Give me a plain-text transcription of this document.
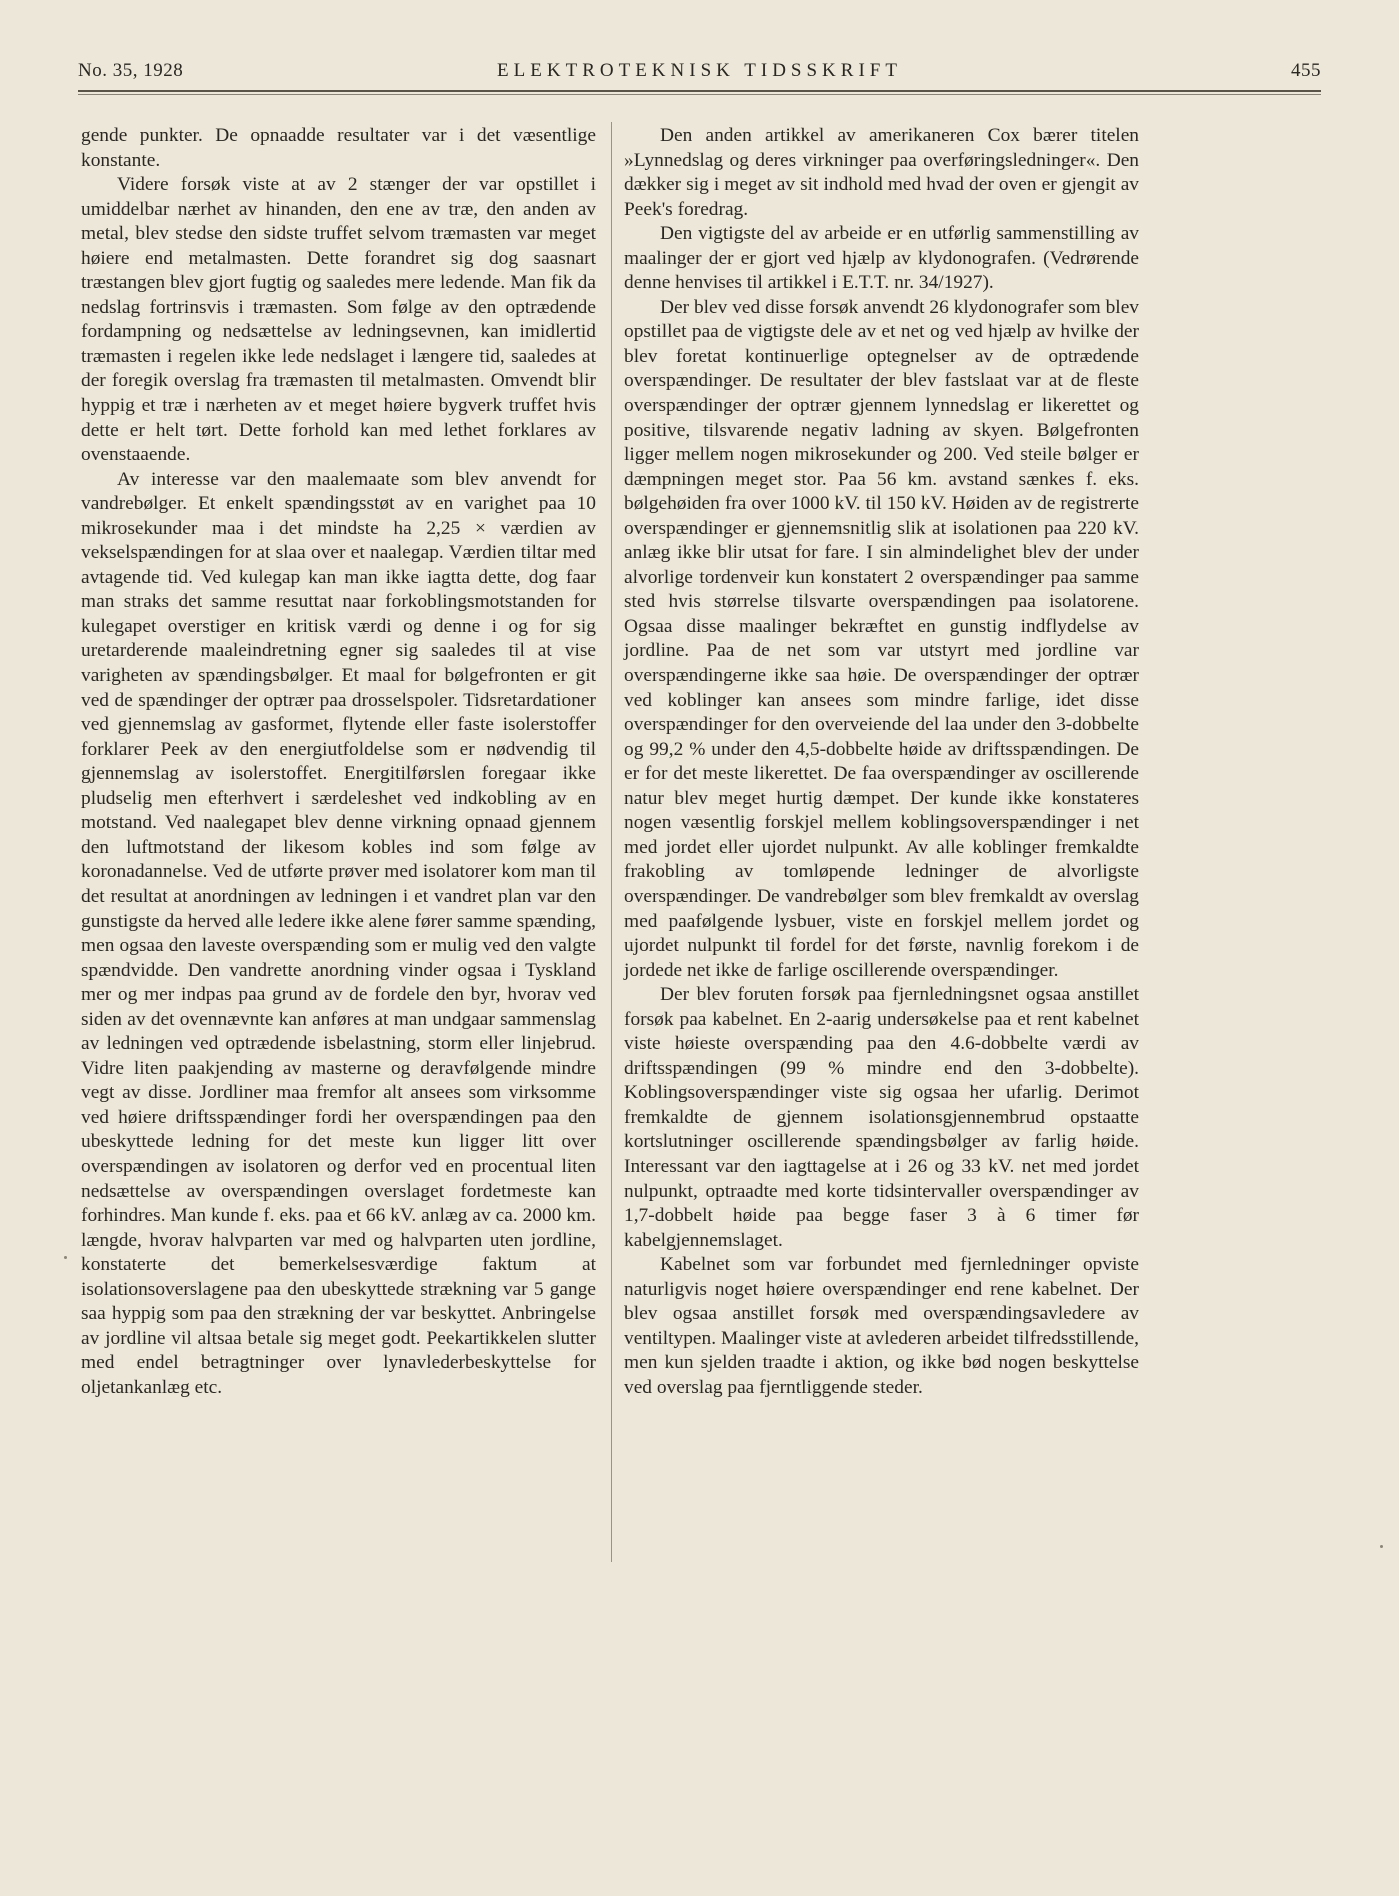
No. 35, 1928	ELEKTROTEKNISK TIDSSKRIFT	455

gende punkter. De opnaadde resultater var i det væsentlige konstante.

Videre forsøk viste at av 2 stænger der var opstillet i umiddelbar nærhet av hinanden, den ene av træ, den anden av metal, blev stedse den sidste truffet selvom træmasten var meget høiere end metalmasten. Dette forandret sig dog saasnart træstangen blev gjort fugtig og saaledes mere ledende. Man fik da nedslag fortrinsvis i træmasten. Som følge av den optrædende fordampning og nedsættelse av ledningsevnen, kan imidlertid træmasten i regelen ikke lede nedslaget i længere tid, saaledes at der foregik overslag fra træmasten til metalmasten. Omvendt blir hyppig et træ i nærheten av et meget høiere bygverk truffet hvis dette er helt tørt. Dette forhold kan med lethet forklares av ovenstaaende.

Av interesse var den maalemaate som blev anvendt for vandrebølger. Et enkelt spændingsstøt av en varighet paa 10 mikrosekunder maa i det mindste ha 2,25 × værdien av vekselspændingen for at slaa over et naalegap. Værdien tiltar med avtagende tid. Ved kulegap kan man ikke iagtta dette, dog faar man straks det samme resuttat naar forkoblingsmotstanden for kulegapet overstiger en kritisk værdi og denne i og for sig uretarderende maaleindretning egner sig saaledes til at vise varigheten av spændingsbølger. Et maal for bølgefronten er git ved de spændinger der optrær paa drosselspoler. Tidsretardationer ved gjennemslag av gasformet, flytende eller faste isolerstoffer forklarer Peek av den energiutfoldelse som er nødvendig til gjennemslag av isolerstoffet. Energitilførslen foregaar ikke pludselig men efterhvert i særdeleshet ved indkobling av en motstand. Ved naalegapet blev denne virkning opnaad gjennem den luftmotstand der likesom kobles ind som følge av koronadannelse. Ved de utførte prøver med isolatorer kom man til det resultat at anordningen av ledningen i et vandret plan var den gunstigste da herved alle ledere ikke alene fører samme spænding, men ogsaa den laveste overspænding som er mulig ved den valgte spændvidde. Den vandrette anordning vinder ogsaa i Tyskland mer og mer indpas paa grund av de fordele den byr, hvorav ved siden av det ovennævnte kan anføres at man undgaar sammenslag av ledningen ved optrædende isbelastning, storm eller linjebrud. Vidre liten paakjending av masterne og deravfølgende mindre vegt av disse. Jordliner maa fremfor alt ansees som virksomme ved høiere driftsspændinger fordi her overspændingen paa den ubeskyttede ledning for det meste kun ligger litt over overspændingen av isolatoren og derfor ved en procentual liten nedsættelse av overspændingen overslaget fordetmeste kan forhindres. Man kunde f. eks. paa et 66 kV. anlæg av ca. 2000 km. længde, hvorav halvparten var med og halvparten uten jordline, konstaterte det bemerkelsesværdige faktum at isolationsoverslagene paa den ubeskyttede strækning var 5 gange saa hyppig som paa den strækning der var beskyttet. Anbringelse av jordline vil altsaa betale sig meget godt. Peekartikkelen slutter med endel betragtninger over lynavlederbeskyttelse for oljetankanlæg etc.

Den anden artikkel av amerikaneren Cox bærer titelen »Lynnedslag og deres virkninger paa overføringsledninger«. Den dækker sig i meget av sit indhold med hvad der oven er gjengit av Peek's foredrag.

Den vigtigste del av arbeide er en utførlig sammenstilling av maalinger der er gjort ved hjælp av klydonografen. (Vedrørende denne henvises til artikkel i E.T.T. nr. 34/1927).

Der blev ved disse forsøk anvendt 26 klydonografer som blev opstillet paa de vigtigste dele av et net og ved hjælp av hvilke der blev foretat kontinuerlige optegnelser av de optrædende overspændinger. De resultater der blev fastslaat var at de fleste overspændinger der optrær gjennem lynnedslag er likerettet og positive, tilsvarende negativ ladning av skyen. Bølgefronten ligger mellem nogen mikrosekunder og 200. Ved steile bølger er dæmpningen meget stor. Paa 56 km. avstand sænkes f. eks. bølgehøiden fra over 1000 kV. til 150 kV. Høiden av de registrerte overspændinger er gjennemsnitlig slik at isolationen paa 220 kV. anlæg ikke blir utsat for fare. I sin almindelighet blev der under alvorlige tordenveir kun konstatert 2 overspændinger paa samme sted hvis størrelse tilsvarte overspændingen paa isolatorene. Ogsaa disse maalinger bekræftet en gunstig indflydelse av jordline. Paa de net som var utstyrt med jordline var overspændingerne ikke saa høie. De overspændinger der optrær ved koblinger kan ansees som mindre farlige, idet disse overspændinger for den overveiende del laa under den 3-dobbelte og 99,2 % under den 4,5-dobbelte høide av driftsspændingen. De er for det meste likerettet. De faa overspændinger av oscillerende natur blev meget hurtig dæmpet. Der kunde ikke konstateres nogen væsentlig forskjel mellem koblingsoverspændinger i net med jordet eller ujordet nulpunkt. Av alle koblinger fremkaldte frakobling av tomløpende ledninger de alvorligste overspændinger. De vandrebølger som blev fremkaldt av overslag med paafølgende lysbuer, viste en forskjel mellem jordet og ujordet nulpunkt til fordel for det første, navnlig forekom i de jordede net ikke de farlige oscillerende overspændinger.

Der blev foruten forsøk paa fjernledningsnet ogsaa anstillet forsøk paa kabelnet. En 2-aarig undersøkelse paa et rent kabelnet viste høieste overspænding paa den 4.6-dobbelte værdi av driftsspændingen (99 % mindre end den 3-dobbelte). Koblingsoverspændinger viste sig ogsaa her ufarlig. Derimot fremkaldte de gjennem isolationsgjennembrud opstaatte kortslutninger oscillerende spændingsbølger av farlig høide. Interessant var den iagttagelse at i 26 og 33 kV. net med jordet nulpunkt, optraadte med korte tidsintervaller overspændinger av 1,7-dobbelt høide paa begge faser 3 à 6 timer før kabelgjennemslaget.

Kabelnet som var forbundet med fjernledninger opviste naturligvis noget høiere overspændinger end rene kabelnet. Der blev ogsaa anstillet forsøk med overspændingsavledere av ventiltypen. Maalinger viste at avlederen arbeidet tilfredsstillende, men kun sjelden traadte i aktion, og ikke bød nogen beskyttelse ved overslag paa fjerntliggende steder.
